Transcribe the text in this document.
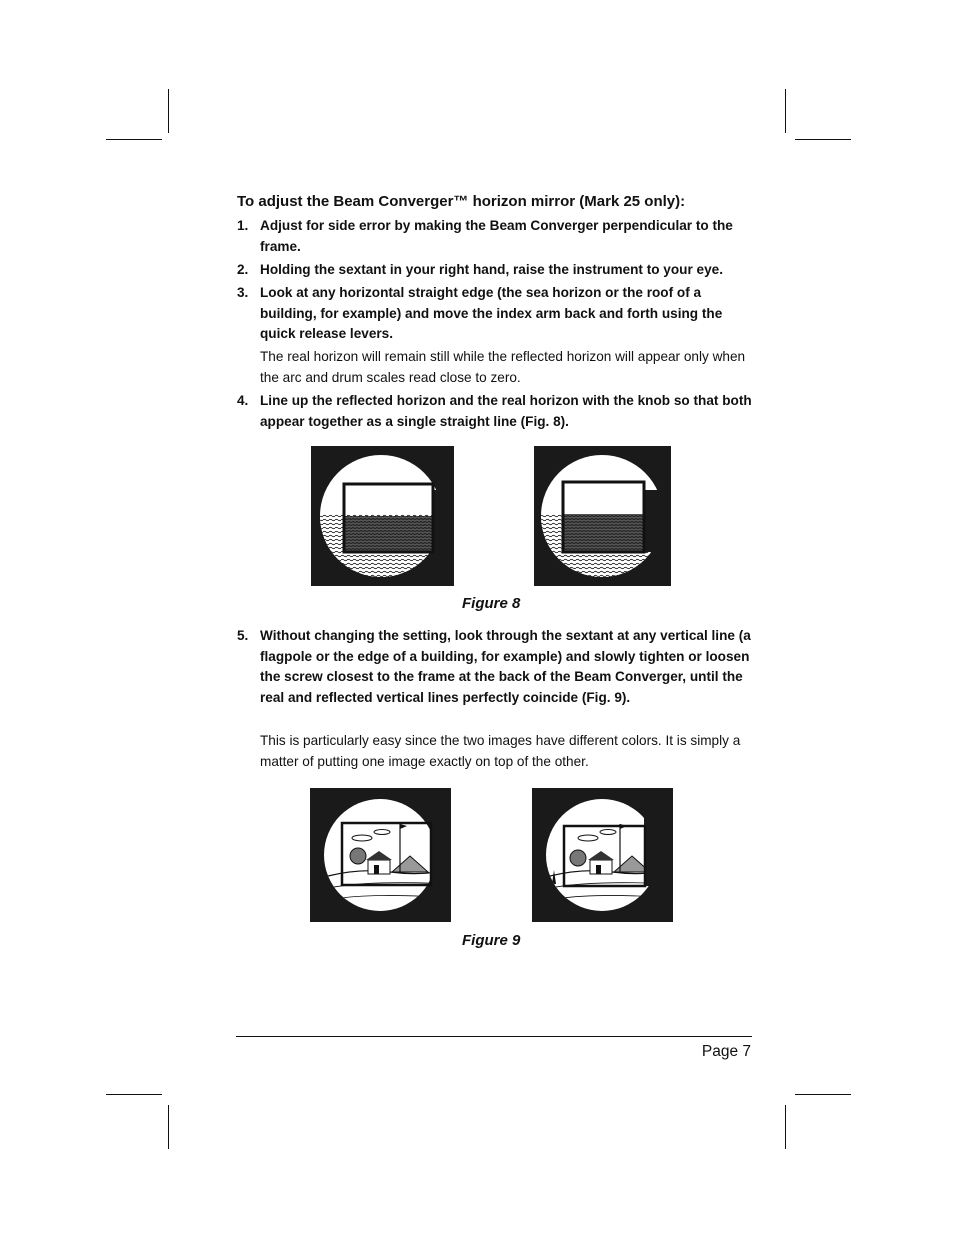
To adjust the Beam Converger™ horizon mirror (Mark 25 only):
1. Adjust for side error by making the Beam Converger perpendicular to the frame.
2. Holding the sextant in your right hand, raise the instrument to your eye.
3. Look at any horizontal straight edge (the sea horizon or the roof of a building, for example) and move the index arm back and forth using the quick release levers.
The real horizon will remain still while the reflected horizon will appear only when the arc and drum scales read close to zero.
4. Line up the reflected horizon and the real horizon with the knob so that both appear together as a single straight line (Fig. 8).
Figure 8
5. Without changing the setting, look through the sextant at any vertical line (a flagpole or the edge of a building, for example) and slowly tighten or loosen the screw closest to the frame at the back of the Beam Converger, until the real and reflected vertical lines perfectly coincide (Fig. 9).
This is particularly easy since the two images have different colors. It is simply a matter of putting one image exactly on top of the other.
Figure 9
Page 7
